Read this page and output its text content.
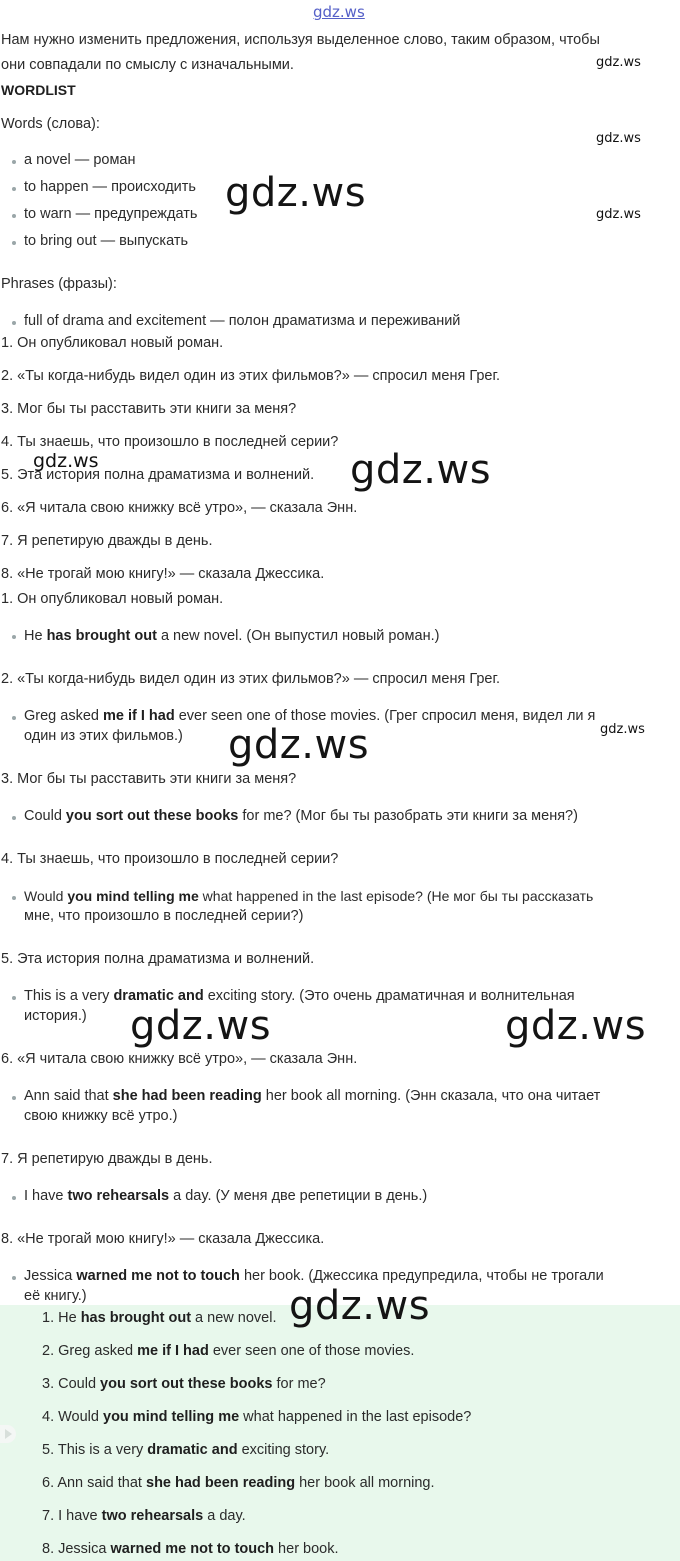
gdz.ws
Нам нужно изменить предложения, используя выделенное слово, таким образом, чтобы
они совпадали по смыслу с изначальными.
WORDLIST
Words (слова):
a novel — роман
to happen — происходить
to warn — предупреждать
to bring out — выпускать
Phrases (фразы):
full of drama and excitement — полон драматизма и переживаний
1. Он опубликовал новый роман.
2. «Ты когда-нибудь видел один из этих фильмов?» — спросил меня Грег.
3. Мог бы ты расставить эти книги за меня?
4. Ты знаешь, что произошло в последней серии?
5. Эта история полна драматизма и волнений.
6. «Я читала свою книжку всё утро», — сказала Энн.
7. Я репетирую дважды в день.
8. «Не трогай мою книгу!» — сказала Джессика.
1. Он опубликовал новый роман.
He has brought out a new novel. (Он выпустил новый роман.)
2. «Ты когда-нибудь видел один из этих фильмов?» — спросил меня Грег.
Greg asked me if I had ever seen one of those movies. (Грег спросил меня, видел ли я
один из этих фильмов.)
3. Мог бы ты расставить эти книги за меня?
Could you sort out these books for me? (Мог бы ты разобрать эти книги за меня?)
4. Ты знаешь, что произошло в последней серии?
Would you mind telling me what happened in the last episode? (Не мог бы ты рассказать
мне, что произошло в последней серии?)
5. Эта история полна драматизма и волнений.
This is a very dramatic and exciting story. (Это очень драматичная и волнительная
история.)
6. «Я читала свою книжку всё утро», — сказала Энн.
Ann said that she had been reading her book all morning. (Энн сказала, что она читает
свою книжку всё утро.)
7. Я репетирую дважды в день.
I have two rehearsals a day. (У меня две репетиции в день.)
8. «Не трогай мою книгу!» — сказала Джессика.
Jessica warned me not to touch her book. (Джессика предупредила, чтобы не трогали
её книгу.)
1. He has brought out a new novel.
2. Greg asked me if I had ever seen one of those movies.
3. Could you sort out these books for me?
4. Would you mind telling me what happened in the last episode?
5. This is a very dramatic and exciting story.
6. Ann said that she had been reading her book all morning.
7. I have two rehearsals a day.
8. Jessica warned me not to touch her book.
gdz.ws
gdz.ws
gdz.ws
gdz.ws
gdz.ws	gdz.ws
gdz.ws	gdz.ws
gdz.ws	gdz.ws
gdz.ws
